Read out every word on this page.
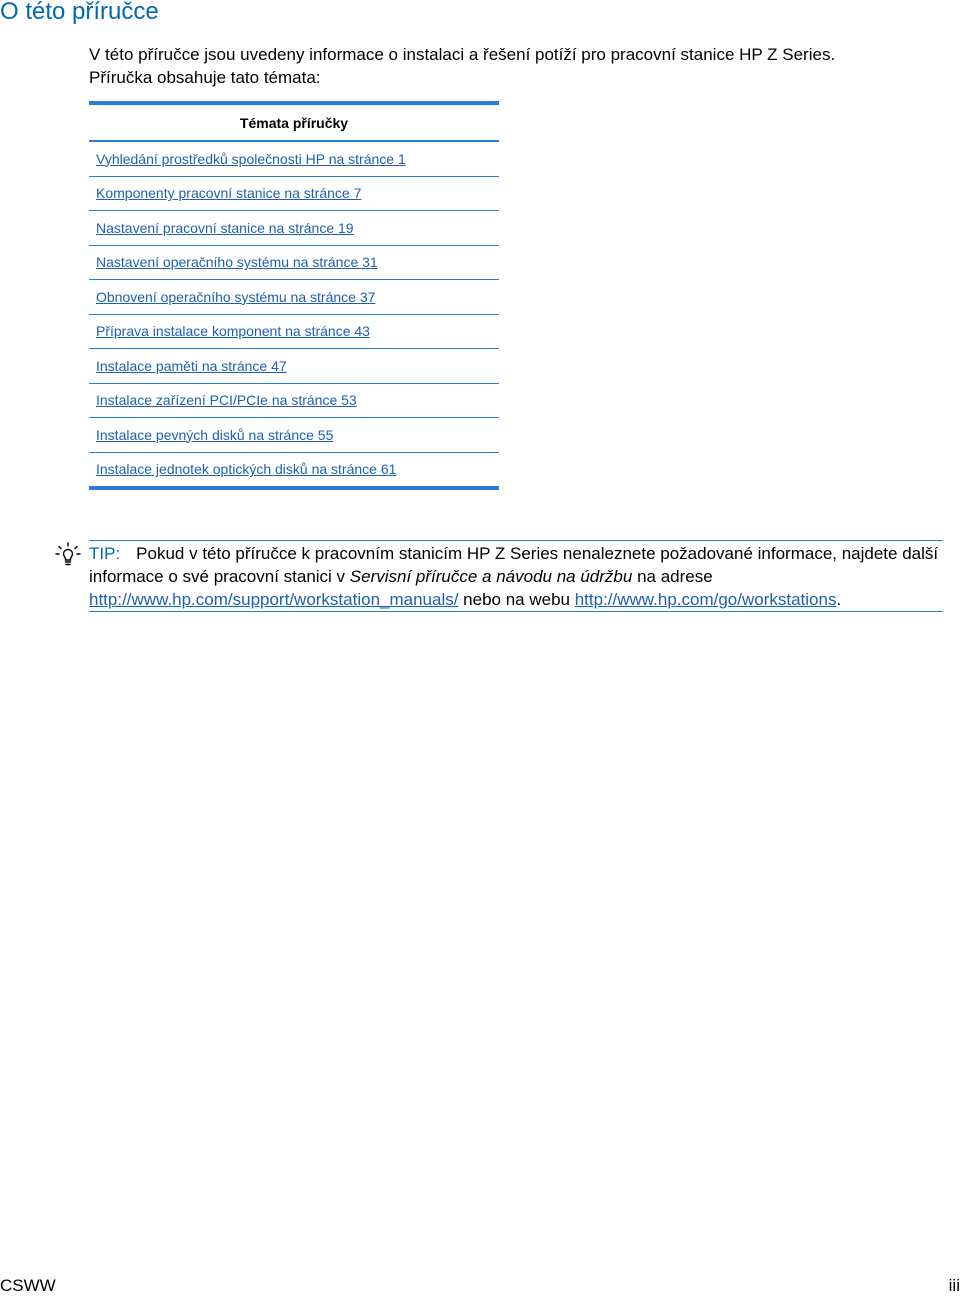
O této příručce

V této příručce jsou uvedeny informace o instalaci a řešení potíží pro pracovní stanice HP Z Series.
Příručka obsahuje tato témata:

Témata příručky
Vyhledání prostředků společnosti HP na stránce 1
Komponenty pracovní stanice na stránce 7
Nastavení pracovní stanice na stránce 19
Nastavení operačního systému na stránce 31
Obnovení operačního systému na stránce 37
Příprava instalace komponent na stránce 43
Instalace paměti na stránce 47
Instalace zařízení PCI/PCIe na stránce 53
Instalace pevných disků na stránce 55
Instalace jednotek optických disků na stránce 61
TIP: Pokud v této příručce k pracovním stanicím HP Z Series nenaleznete požadované informace, najdete další informace o své pracovní stanici v Servisní příručce a návodu na údržbu na adrese http://www.hp.com/support/workstation_manuals/ nebo na webu http://www.hp.com/go/workstations.
CSWW	iii
